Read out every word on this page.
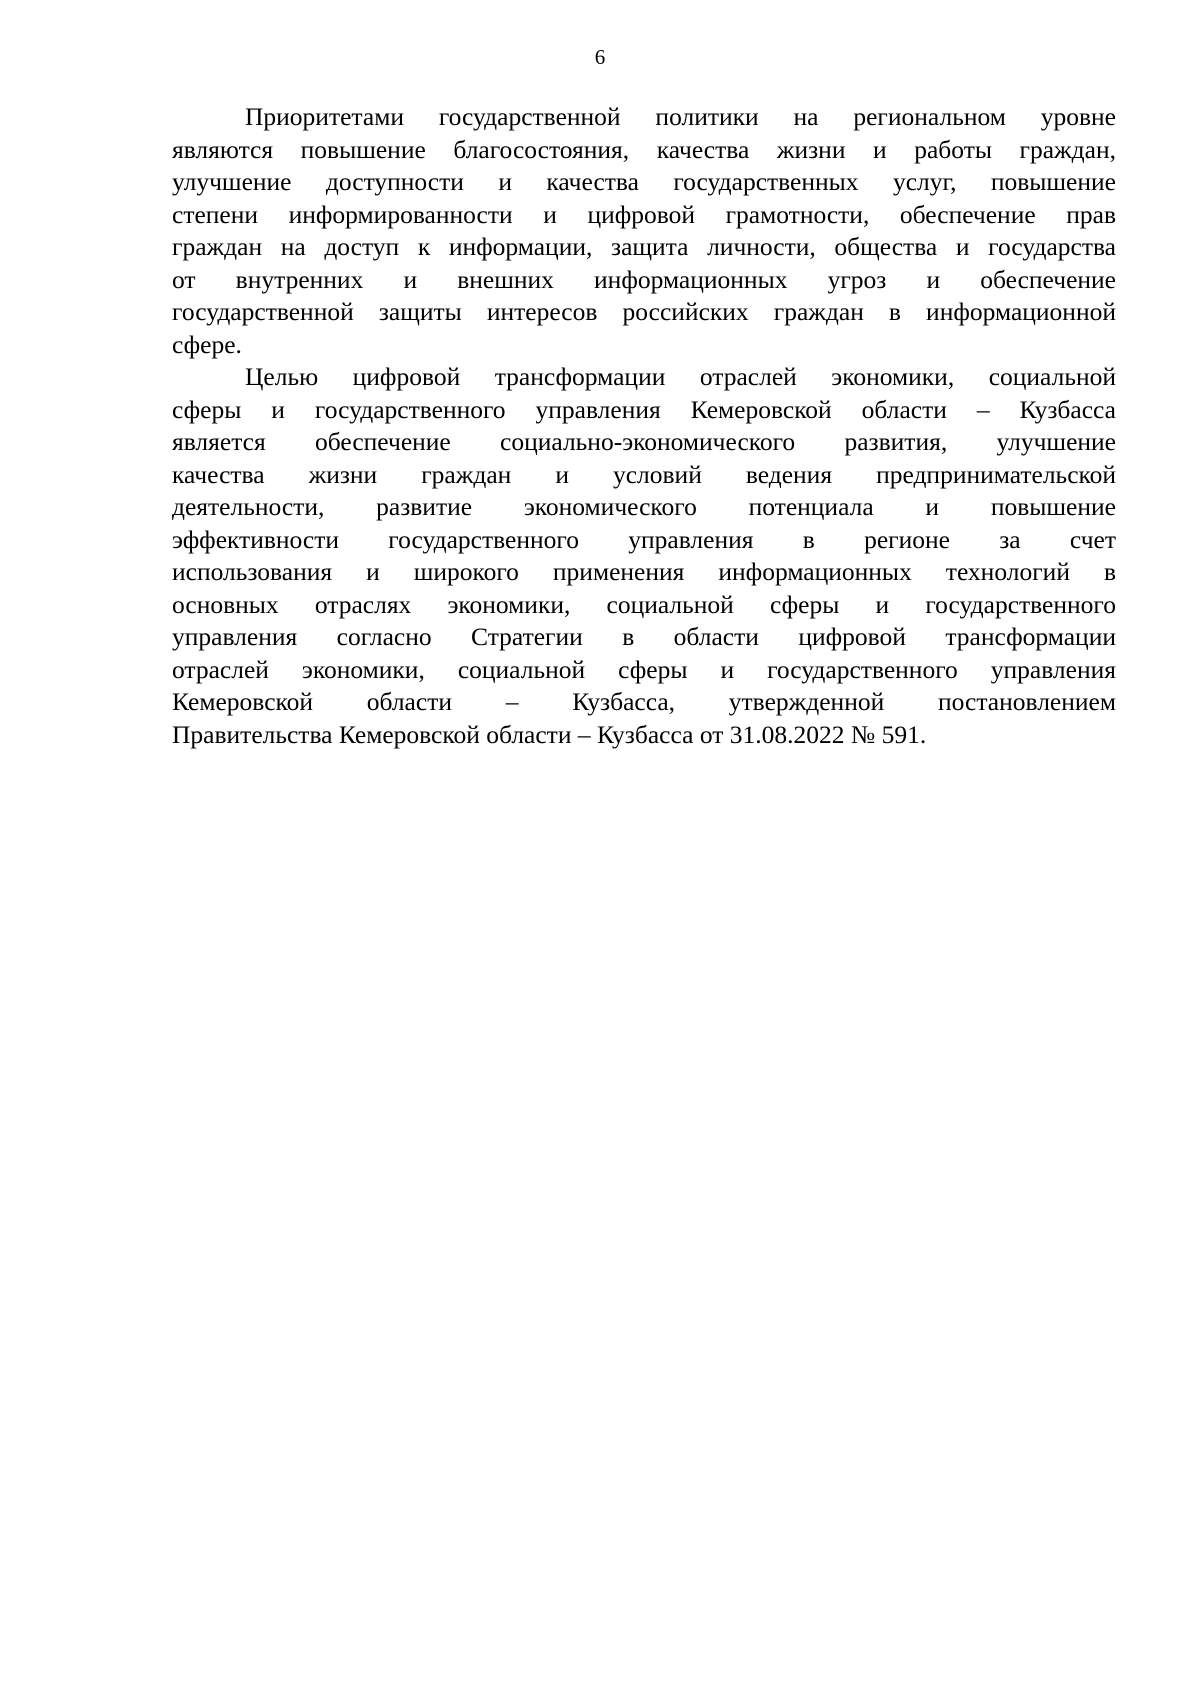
6
Приоритетами государственной политики на региональном уровне
являются повышение благосостояния, качества жизни и работы граждан,
улучшение доступности и качества государственных услуг, повышение
степени информированности и цифровой грамотности, обеспечение прав
граждан на доступ к информации, защита личности, общества и государства
от внутренних и внешних информационных угроз и обеспечение
государственной защиты интересов российских граждан в информационной
сфере.
Целью цифровой трансформации отраслей экономики, социальной
сферы и государственного управления Кемеровской области – Кузбасса
является обеспечение социально-экономического развития, улучшение
качества жизни граждан и условий ведения предпринимательской
деятельности, развитие экономического потенциала и повышение
эффективности государственного управления в регионе за счет
использования и широкого применения информационных технологий в
основных отраслях экономики, социальной сферы и государственного
управления согласно Стратегии в области цифровой трансформации
отраслей экономики, социальной сферы и государственного управления
Кемеровской области – Кузбасса, утвержденной постановлением
Правительства Кемеровской области – Кузбасса от 31.08.2022 № 591.
